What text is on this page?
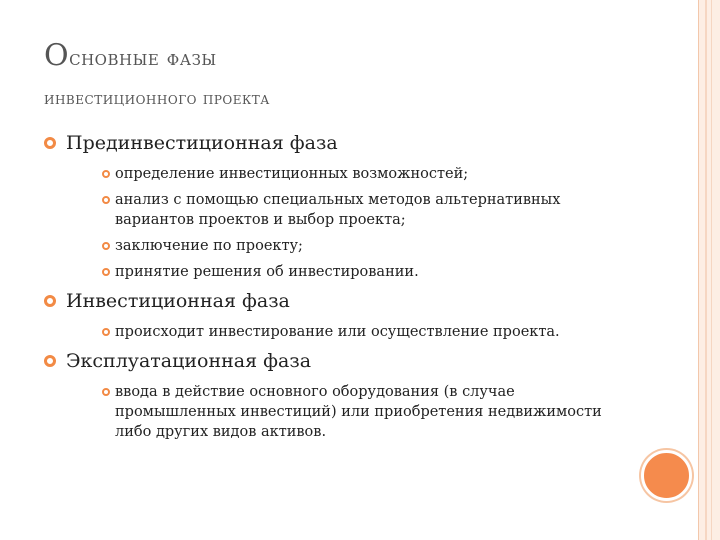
Основные фазы
инвестиционного проекта
Прединвестиционная фаза
определение инвестиционных возможностей;
анализ с помощью специальных методов альтернативных вариантов проектов и выбор проекта;
заключение по проекту;
принятие решения об инвестировании.
Инвестиционная фаза
происходит инвестирование или осуществление проекта.
Эксплуатационная фаза
ввода в действие основного оборудования (в случае промышленных инвестиций) или приобретения недвижимости либо других видов активов.
